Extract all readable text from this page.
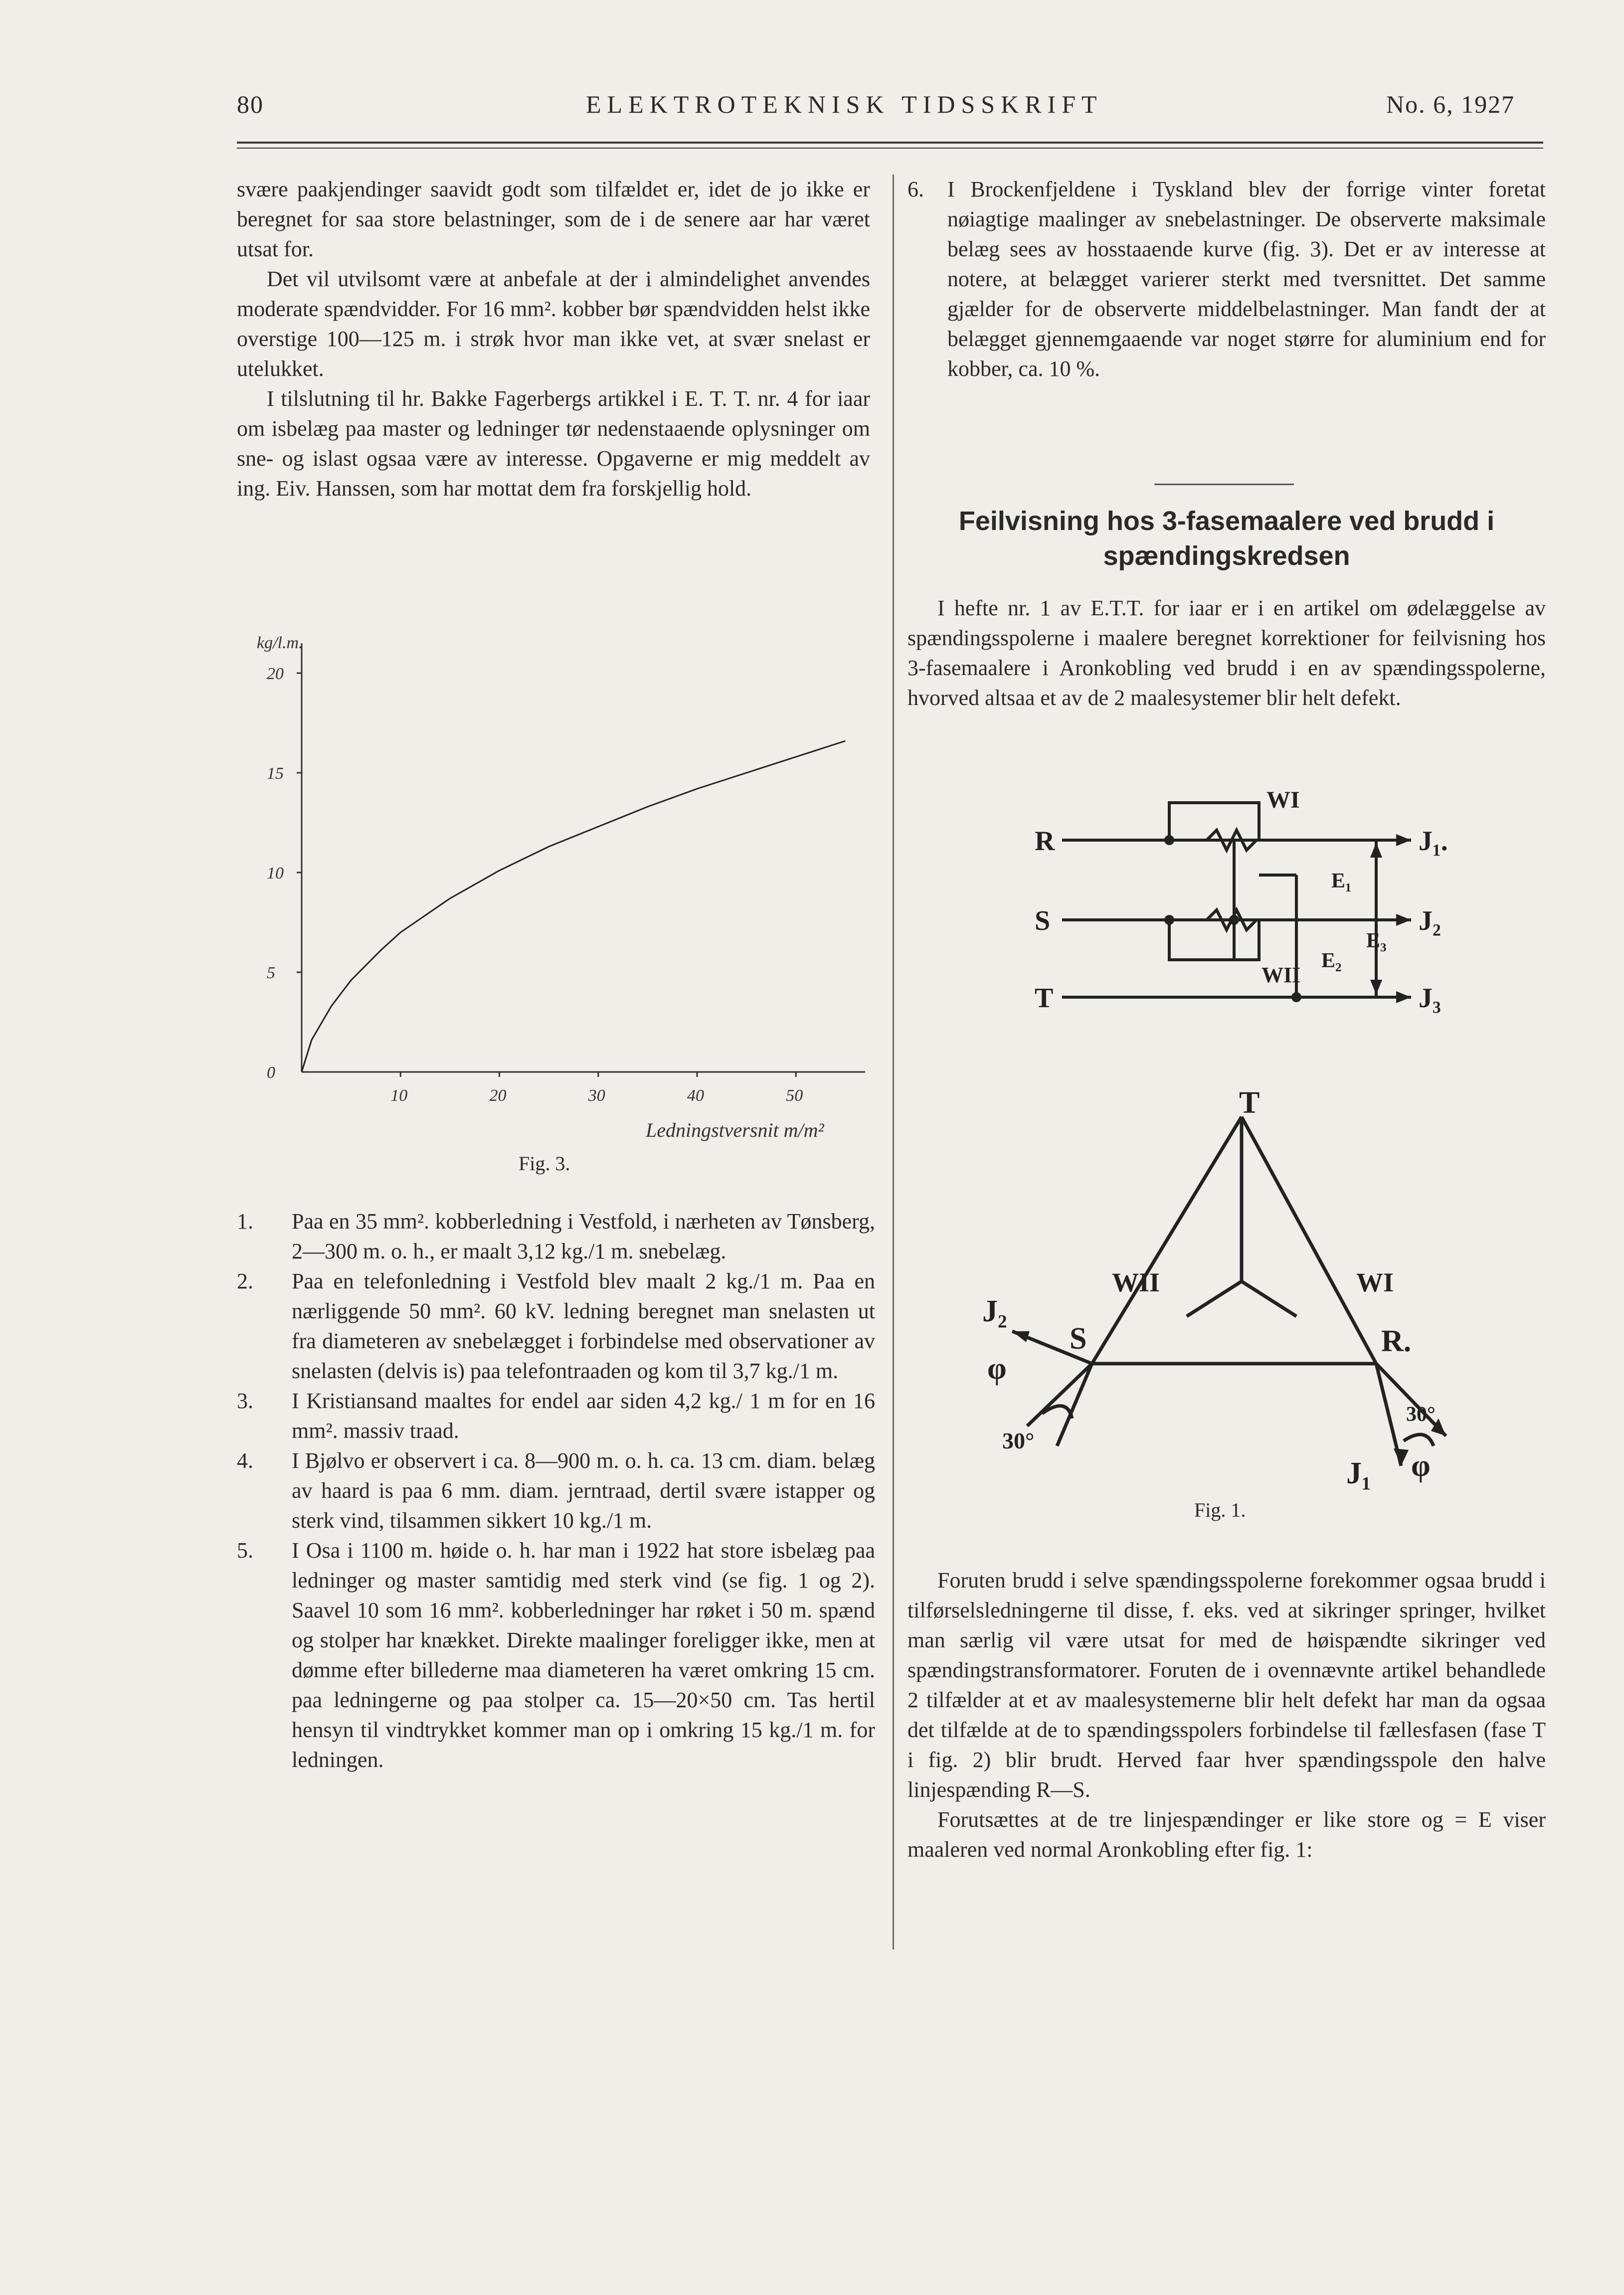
80	ELEKTROTEKNISK TIDSSKRIFT	No. 6, 1927

svære paakjendinger saavidt godt som tilfældet er, idet de jo ikke er beregnet for saa store belastninger, som de i de senere aar har været utsat for.

Det vil utvilsomt være at anbefale at der i almindelighet anvendes moderate spændvidder. For 16 mm². kobber bør spændvidden helst ikke overstige 100—125 m. i strøk hvor man ikke vet, at svær snelast er utelukket.

I tilslutning til hr. Bakke Fagerbergs artikkel i E. T. T. nr. 4 for iaar om isbelæg paa master og ledninger tør nedenstaaende oplysninger om sne- og islast ogsaa være av interesse. Opgaverne er mig meddelt av ing. Eiv. Hanssen, som har mottat dem fra forskjellig hold.

0
5
10
15
20
10	20	30	40	50
kg/l.m.
Ledningstversnit m/m²
Fig. 3.
1.	Paa en 35 mm². kobberledning i Vestfold, i nærheten av Tønsberg, 2—300 m. o. h., er maalt 3,12 kg./1 m. snebelæg.
2.	Paa en telefonledning i Vestfold blev maalt 2 kg./1 m. Paa en nærliggende 50 mm². 60 kV. ledning beregnet man snelasten ut fra diameteren av snebelægget i forbindelse med observationer av snelasten (delvis is) paa telefontraaden og kom til 3,7 kg./1 m.
3.	I Kristiansand maaltes for endel aar siden 4,2 kg./ 1 m for en 16 mm². massiv traad.
4.	I Bjølvo er observert i ca. 8—900 m. o. h. ca. 13 cm. diam. belæg av haard is paa 6 mm. diam. jerntraad, dertil svære istapper og sterk vind, tilsammen sikkert 10 kg./1 m.
5.	I Osa i 1100 m. høide o. h. har man i 1922 hat store isbelæg paa ledninger og master samtidig med sterk vind (se fig. 1 og 2). Saavel 10 som 16 mm². kobberledninger har røket i 50 m. spænd og stolper har knækket. Direkte maalinger foreligger ikke, men at dømme efter billederne maa diameteren ha været omkring 15 cm. paa ledningerne og paa stolper ca. 15—20×50 cm. Tas hertil hensyn til vindtrykket kommer man op i omkring 15 kg./1 m. for ledningen.
6.	I Brockenfjeldene i Tyskland blev der forrige vinter foretat nøiagtige maalinger av snebelastninger. De observerte maksimale belæg sees av hosstaaende kurve (fig. 3). Det er av interesse at notere, at belægget varierer sterkt med tversnittet. Det samme gjælder for de observerte middelbelastninger. Man fandt der at belægget gjennemgaaende var noget større for aluminium end for kobber, ca. 10 %.
Feilvisning hos 3-fasemaalere ved brudd i spændingskredsen

I hefte nr. 1 av E.T.T. for iaar er i en artikel om ødelæggelse av spændingsspolerne i maalere beregnet korrektioner for feilvisning hos 3-fasemaalere i Aronkobling ved brudd i en av spændingsspolerne, hvorved altsaa et av de 2 maalesystemer blir helt defekt.

R
S
T
J₁.
J₂
J₃
WI
WII
E₁
E₂
E₃
T
S	R.
WII	WI
J₂
φ
30°
J₁ φ
30°
Fig. 1.

Foruten brudd i selve spændingsspolerne forekommer ogsaa brudd i tilførselsledningerne til disse, f. eks. ved at sikringer springer, hvilket man særlig vil være utsat for med de høispændte sikringer ved spændingstransformatorer. Foruten de i ovennævnte artikel behandlede 2 tilfælder at et av maalesystemerne blir helt defekt har man da ogsaa det tilfælde at de to spændingsspolers forbindelse til fællesfasen (fase T i fig. 2) blir brudt. Herved faar hver spændingsspole den halve linjespænding R—S.

Forutsættes at de tre linjespændinger er like store og = E viser maaleren ved normal Aronkobling efter fig. 1:
